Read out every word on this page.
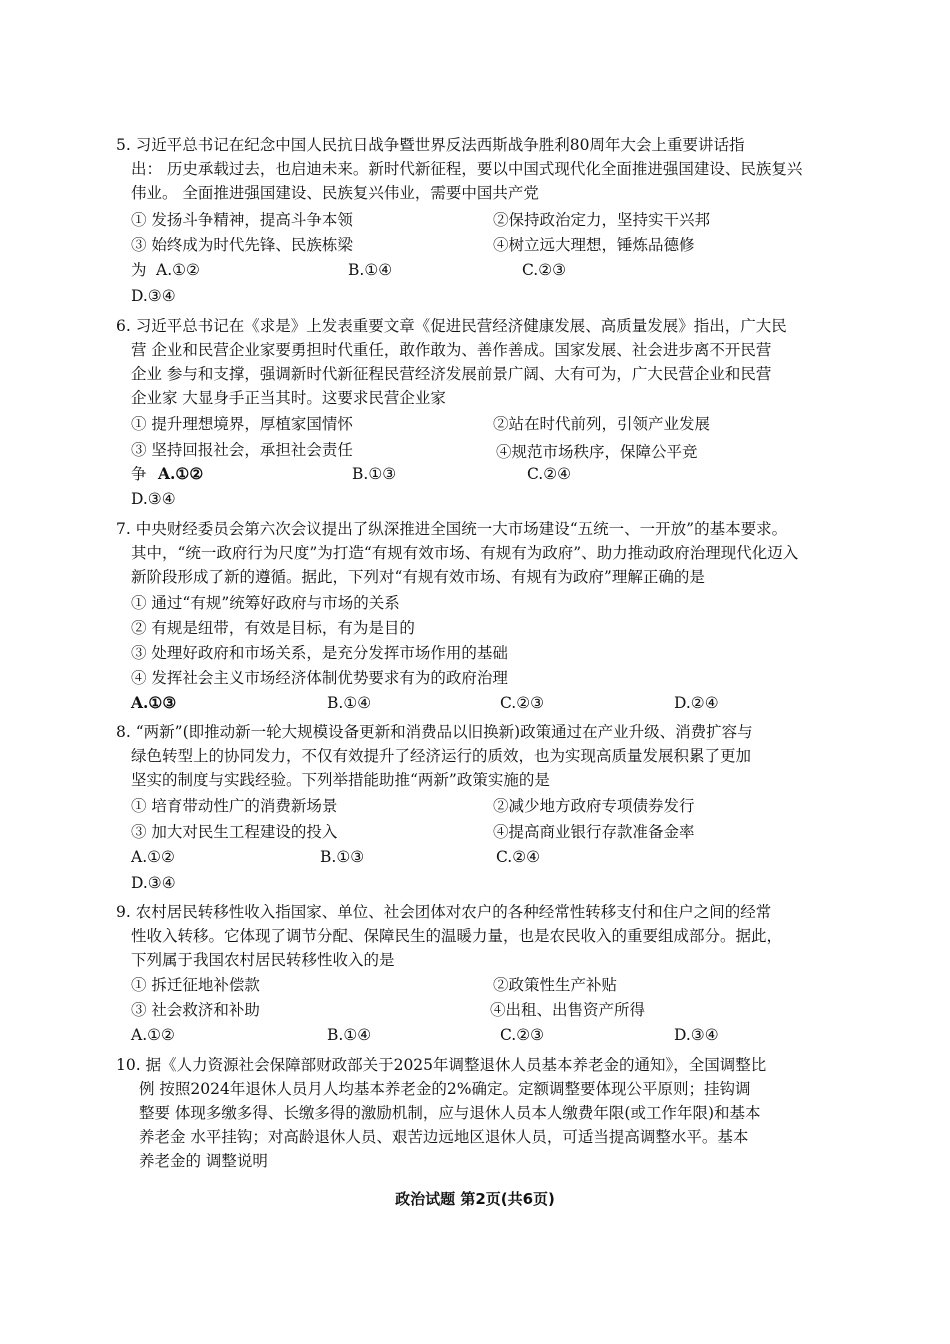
5. 习近平总书记在纪念中国人民抗日战争暨世界反法西斯战争胜利80周年大会上重要讲话指
出： 历史承载过去，也启迪未来。新时代新征程，要以中国式现代化全面推进强国建设、民族复兴
伟业。 全面推进强国建设、民族复兴伟业，需要中国共产党
① 发扬斗争精神，提高斗争本领	②保持政治定力，坚持实干兴邦
③ 始终成为时代先锋、民族栋梁	④树立远大理想，锤炼品德修
为 A.①②	B.①④	C.②③
D.③④
6. 习近平总书记在《求是》上发表重要文章《促进民营经济健康发展、高质量发展》指出，广大民
营 企业和民营企业家要勇担时代重任，敢作敢为、善作善成。国家发展、社会进步离不开民营
企业 参与和支撑，强调新时代新征程民营经济发展前景广阔、大有可为，广大民营企业和民营
企业家 大显身手正当其时。这要求民营企业家
① 提升理想境界，厚植家国情怀	②站在时代前列，引领产业发展
③ 坚持回报社会，承担社会责任	④规范市场秩序，保障公平竞
争 A.①②	B.①③	C.②④
D.③④
7. 中央财经委员会第六次会议提出了纵深推进全国统一大市场建设“五统一、一开放”的基本要求。
其中，“统一政府行为尺度”为打造“有规有效市场、有规有为政府”、助力推动政府治理现代化迈入
新阶段形成了新的遵循。据此，下列对“有规有效市场、有规有为政府”理解正确的是
① 通过“有规”统筹好政府与市场的关系
② 有规是纽带，有效是目标，有为是目的
③ 处理好政府和市场关系，是充分发挥市场作用的基础
④ 发挥社会主义市场经济体制优势要求有为的政府治理
A.①③	B.①④	C.②③	D.②④
8. “两新”(即推动新一轮大规模设备更新和消费品以旧换新)政策通过在产业升级、消费扩容与
绿色转型上的协同发力，不仅有效提升了经济运行的质效，也为实现高质量发展积累了更加
坚实的制度与实践经验。下列举措能助推“两新”政策实施的是
① 培育带动性广的消费新场景	②减少地方政府专项债券发行
③ 加大对民生工程建设的投入	④提高商业银行存款准备金率
A.①②	B.①③	C.②④
D.③④
9. 农村居民转移性收入指国家、单位、社会团体对农户的各种经常性转移支付和住户之间的经常
性收入转移。它体现了调节分配、保障民生的温暖力量，也是农民收入的重要组成部分。据此，
下列属于我国农村居民转移性收入的是
① 拆迁征地补偿款	②政策性生产补贴
③ 社会救济和补助	④出租、出售资产所得
A.①②	B.①④	C.②③	D.③④
10. 据《人力资源社会保障部财政部关于2025年调整退休人员基本养老金的通知》，全国调整比
例 按照2024年退休人员月人均基本养老金的2%确定。定额调整要体现公平原则；挂钩调
整要 体现多缴多得、长缴多得的激励机制，应与退休人员本人缴费年限(或工作年限)和基本
养老金 水平挂钩；对高龄退休人员、艰苦边远地区退休人员，可适当提高调整水平。基本
养老金的 调整说明
政治试题 第2页(共6页)
